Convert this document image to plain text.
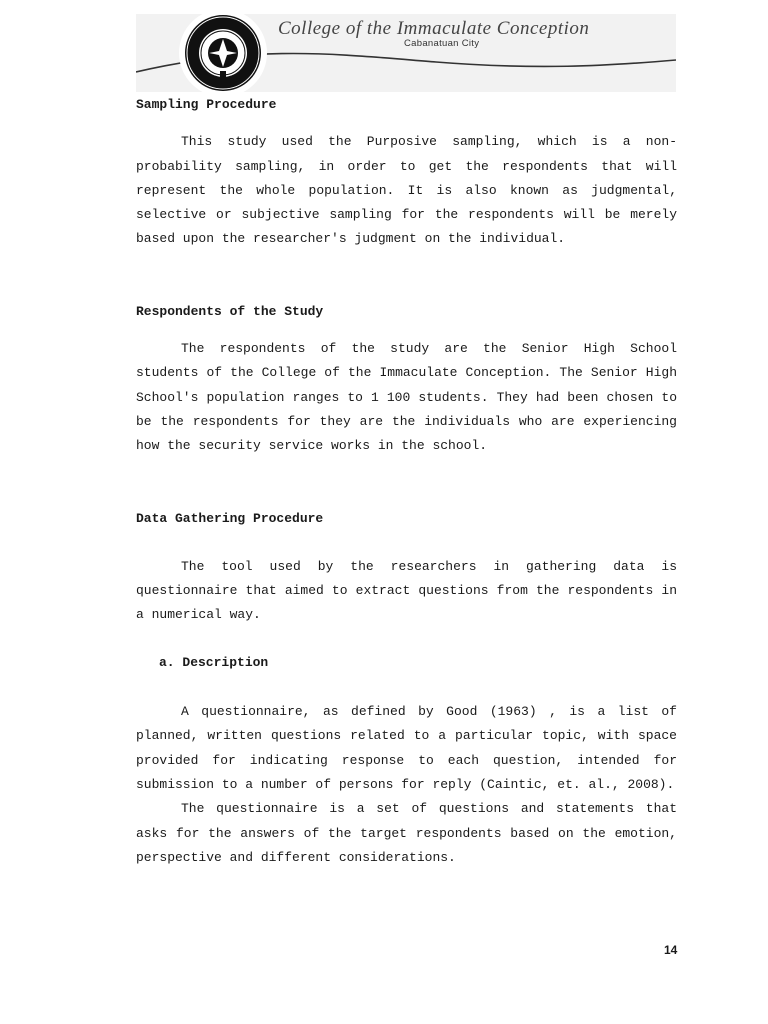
College of the Immaculate Conception
Cabanatuan City

Sampling Procedure

This study used the Purposive sampling, which is a non-probability sampling, in order to get the respondents that will represent the whole population. It is also known as judgmental, selective or subjective sampling for the respondents will be merely based upon the researcher's judgment on the individual.

Respondents of the Study

The respondents of the study are the Senior High School students of the College of the Immaculate Conception. The Senior High School's population ranges to 1 100 students. They had been chosen to be the respondents for they are the individuals who are experiencing how the security service works in the school.

Data Gathering Procedure

The tool used by the researchers in gathering data is questionnaire that aimed to extract questions from the respondents in a numerical way.

a. Description

A questionnaire, as defined by Good (1963) , is a list of planned, written questions related to a particular topic, with space provided for indicating response to each question, intended for submission to a number of persons for reply (Caintic, et. al., 2008).

The questionnaire is a set of questions and statements that asks for the answers of the target respondents based on the emotion, perspective and different considerations.

14
